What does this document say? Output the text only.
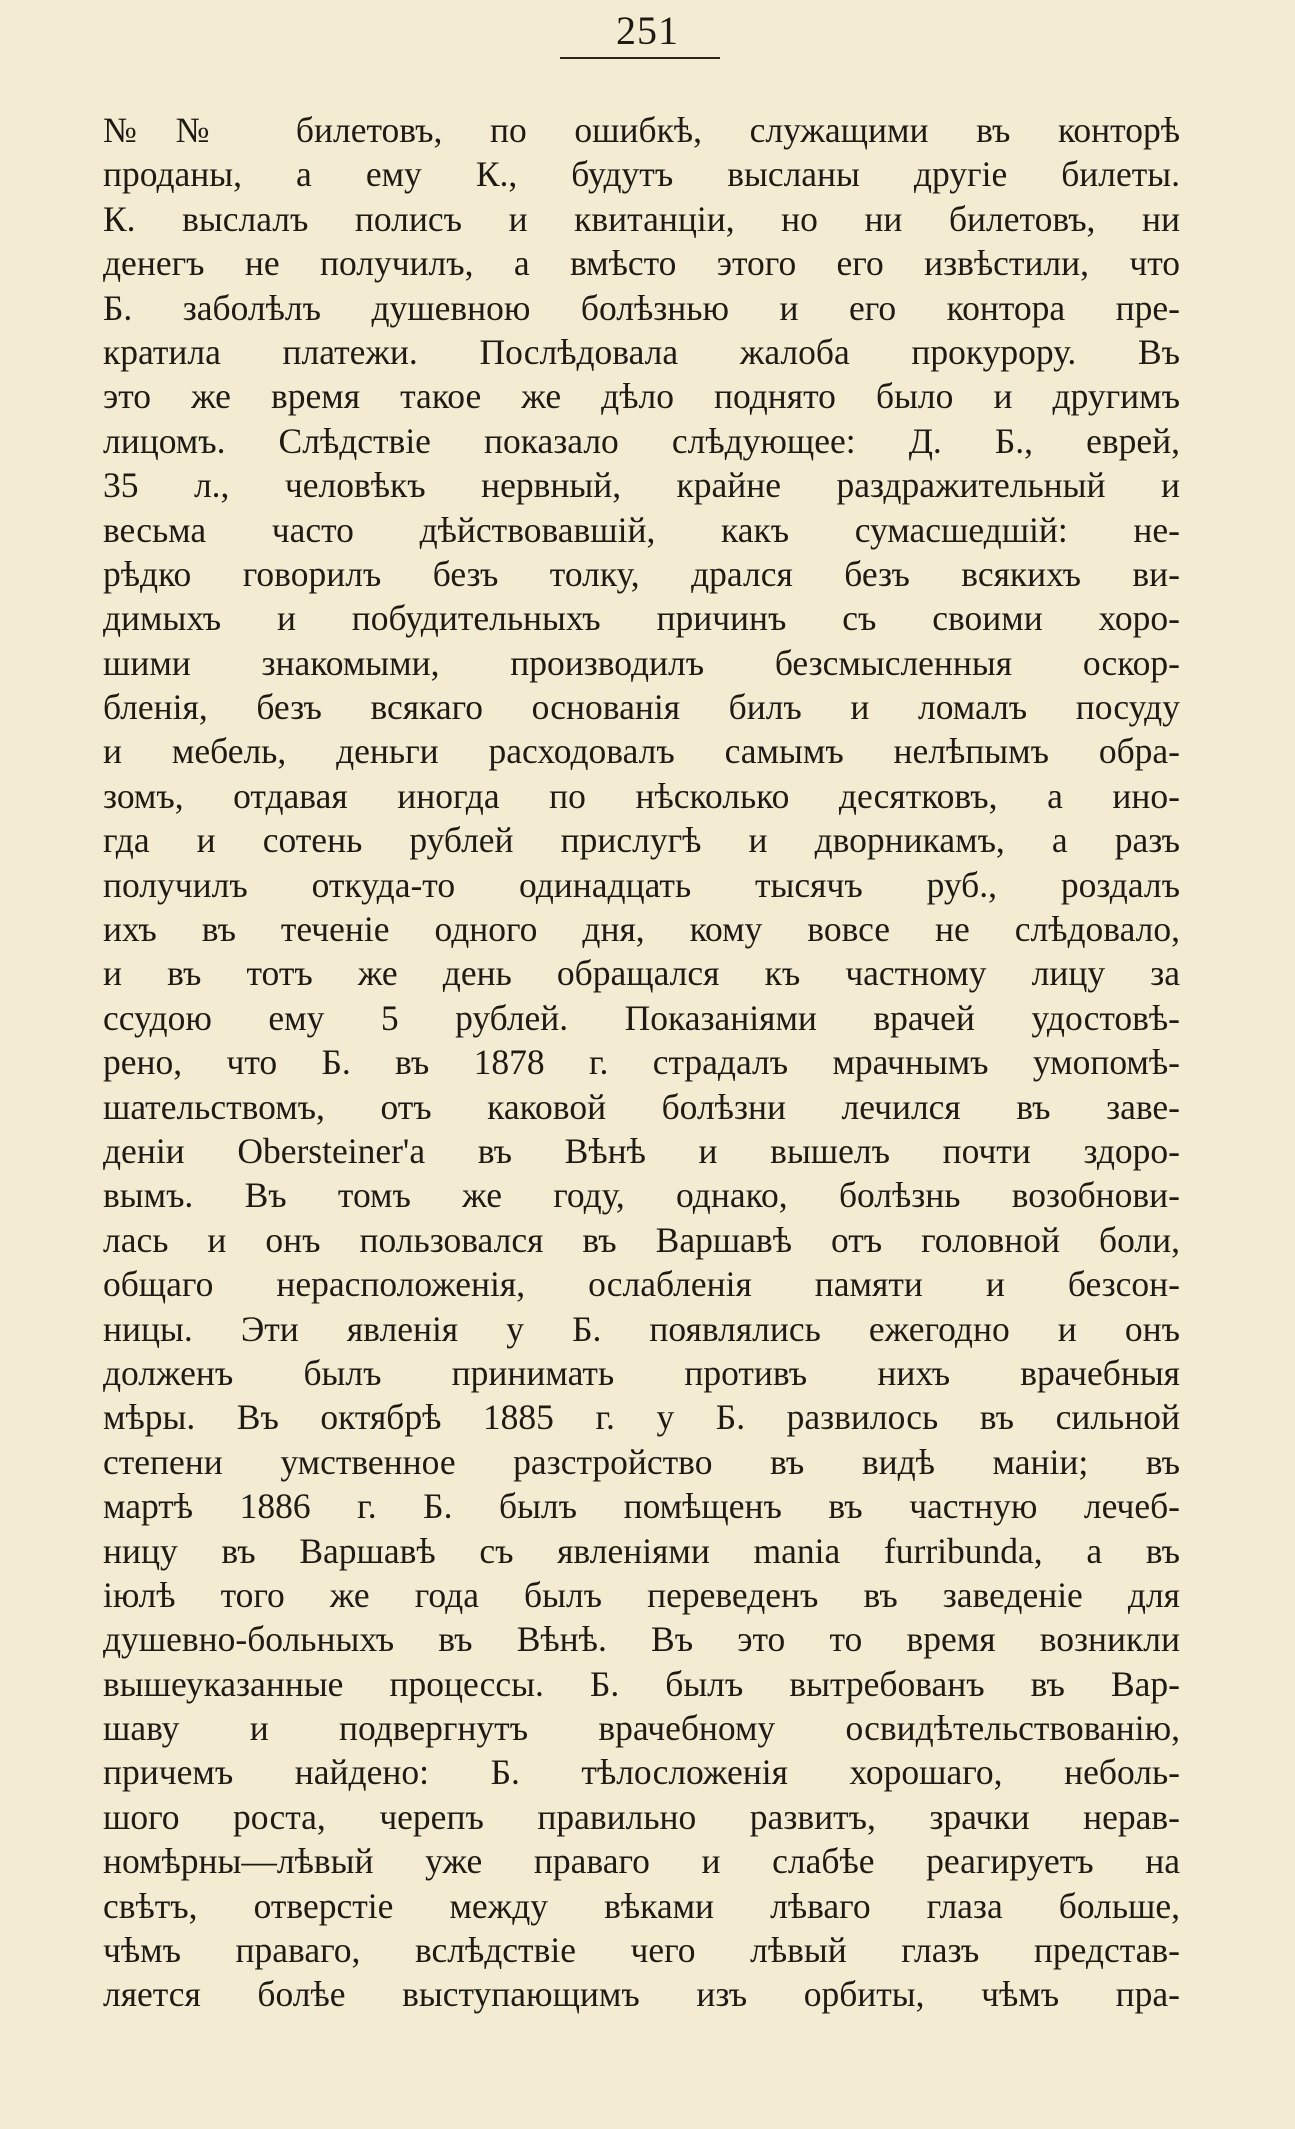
251
№№ билетовъ, по ошибкѣ, служащими въ конторѣ
проданы, а ему К., будутъ высланы другіе билеты.
К. выслалъ полисъ и квитанціи, но ни билетовъ, ни
денегъ не получилъ, а вмѣсто этого его извѣстили, что
Б. заболѣлъ душевною болѣзнью и его контора пре-
кратила платежи. Послѣдовала жалоба прокурору. Въ
это же время такое же дѣло поднято было и другимъ
лицомъ. Слѣдствіе показало слѣдующее: Д. Б., еврей,
35 л., человѣкъ нервный, крайне раздражительный и
весьма часто дѣйствовавшій, какъ сумасшедшій: не-
рѣдко говорилъ безъ толку, дрался безъ всякихъ ви-
димыхъ и побудительныхъ причинъ съ своими хоро-
шими знакомыми, производилъ безсмысленныя оскор-
бленія, безъ всякаго основанія билъ и ломалъ посуду
и мебель, деньги расходовалъ самымъ нелѣпымъ обра-
зомъ, отдавая иногда по нѣсколько десятковъ, а ино-
гда и сотень рублей прислугѣ и дворникамъ, а разъ
получилъ откуда-то одинадцать тысячъ руб., роздалъ
ихъ въ теченіе одного дня, кому вовсе не слѣдовало,
и въ тотъ же день обращался къ частному лицу за
ссудою ему 5 рублей. Показаніями врачей удостовѣ-
рено, что Б. въ 1878 г. страдалъ мрачнымъ умопомѣ-
шательствомъ, отъ каковой болѣзни лечился въ заве-
деніи Obersteiner'а въ Вѣнѣ и вышелъ почти здоро-
вымъ. Въ томъ же году, однако, болѣзнь возобнови-
лась и онъ пользовался въ Варшавѣ отъ головной боли,
общаго нерасположенія, ослабленія памяти и безсон-
ницы. Эти явленія у Б. появлялись ежегодно и онъ
долженъ былъ принимать противъ нихъ врачебныя
мѣры. Въ октябрѣ 1885 г. у Б. развилось въ сильной
степени умственное разстройство въ видѣ маніи; въ
мартѣ 1886 г. Б. былъ помѣщенъ въ частную лечеб-
ницу въ Варшавѣ съ явленіями mania furribunda, а въ
іюлѣ того же года былъ переведенъ въ заведеніе для
душевно-больныхъ въ Вѣнѣ. Въ это то время возникли
вышеуказанные процессы. Б. былъ вытребованъ въ Вар-
шаву и подвергнутъ врачебному освидѣтельствованію,
причемъ найдено: Б. тѣлосложенія хорошаго, неболь-
шого роста, черепъ правильно развитъ, зрачки нерав-
номѣрны—лѣвый уже праваго и слабѣе реагируетъ на
свѣтъ, отверстіе между вѣками лѣваго глаза больше,
чѣмъ праваго, вслѣдствіе чего лѣвый глазъ представ-
ляется болѣе выступающимъ изъ орбиты, чѣмъ пра-
